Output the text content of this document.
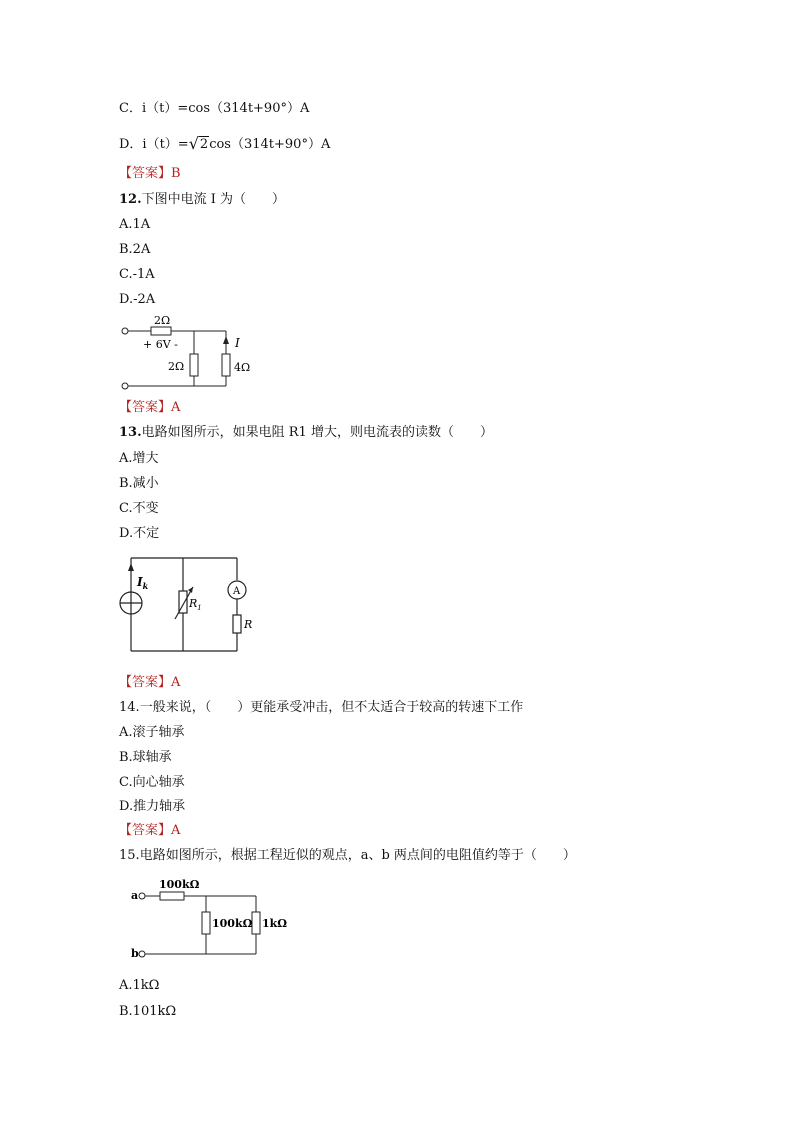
C．i（t）=cos（314t+90°）A
D．i（t）=√2cos（314t+90°）A
【答案】B
12.下图中电流 I 为（　　）
A.1A
B.2A
C.-1A
D.-2A
2Ω
+ 6V -
2Ω
I
4Ω
【答案】A
13.电路如图所示，如果电阻 R1 增大，则电流表的读数（　　）
A.增大
B.减小
C.不变
D.不定
$I_k$
$R_1$
A
R
【答案】A
14.一般来说，（　　）更能承受冲击，但不太适合于较高的转速下工作
A.滚子轴承
B.球轴承
C.向心轴承
D.推力轴承
【答案】A
15.电路如图所示，根据工程近似的观点，a、b 两点间的电阻值约等于（　　）
a
b
100kΩ
100kΩ 1kΩ
A.1kΩ
B.101kΩ
